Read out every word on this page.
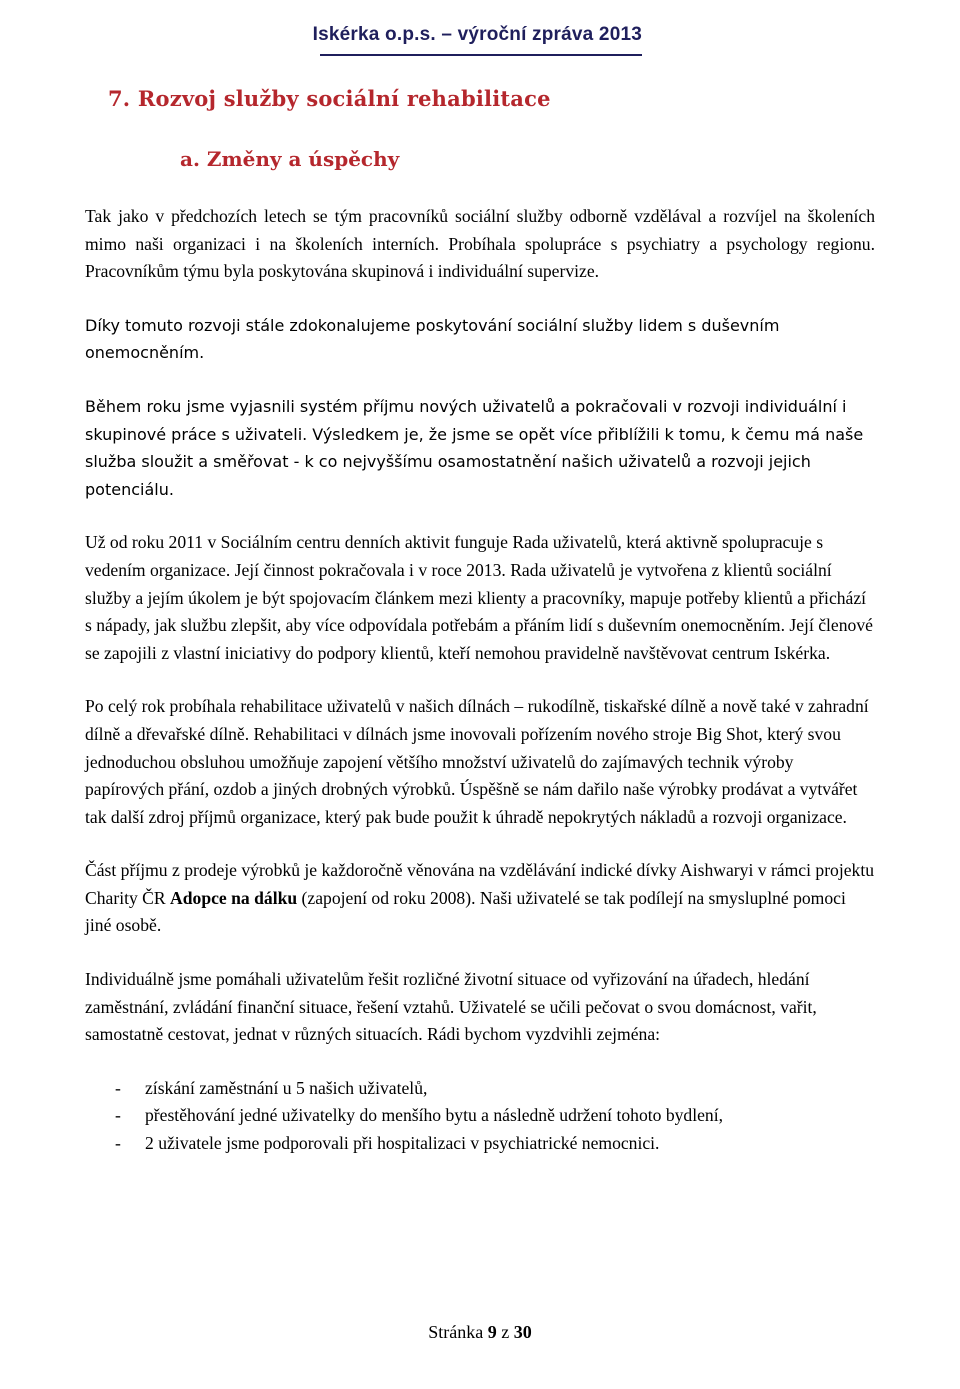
Iskérka o.p.s. – výroční zpráva 2013
7. Rozvoj služby sociální rehabilitace
a. Změny a úspěchy

Tak jako v předchozích letech se tým pracovníků sociální služby odborně vzdělával a rozvíjel na školeních mimo naši organizaci i na školeních interních. Probíhala spolupráce s psychiatry a psychology regionu. Pracovníkům týmu byla poskytována skupinová i individuální supervize.

Díky tomuto rozvoji stále zdokonalujeme poskytování sociální služby lidem s duševním onemocněním.

Během roku jsme vyjasnili systém příjmu nových uživatelů a pokračovali v rozvoji individuální i skupinové práce s uživateli. Výsledkem je, že jsme se opět více přiblížili k tomu, k čemu má naše služba sloužit a směřovat - k co nejvyššímu osamostatnění našich uživatelů a rozvoji jejich potenciálu.

Už od roku 2011 v Sociálním centru denních aktivit funguje Rada uživatelů, která aktivně spolupracuje s vedením organizace. Její činnost pokračovala i v roce 2013. Rada uživatelů je vytvořena z klientů sociální služby a jejím úkolem je být spojovacím článkem mezi klienty a pracovníky, mapuje potřeby klientů a přichází s nápady, jak službu zlepšit, aby více odpovídala potřebám a přáním lidí s duševním onemocněním. Její členové se zapojili z vlastní iniciativy do podpory klientů, kteří nemohou pravidelně navštěvovat centrum Iskérka.

Po celý rok probíhala rehabilitace uživatelů v našich dílnách – rukodílně, tiskařské dílně a nově také v zahradní dílně a dřevařské dílně. Rehabilitaci v dílnách jsme inovovali pořízením nového stroje Big Shot, který svou jednoduchou obsluhou umožňuje zapojení většího množství uživatelů do zajímavých technik výroby papírových přání, ozdob a jiných drobných výrobků. Úspěšně se nám dařilo naše výrobky prodávat a vytvářet tak další zdroj příjmů organizace, který pak bude použit k úhradě nepokrytých nákladů a rozvoji organizace.

Část příjmu z prodeje výrobků je každoročně věnována na vzdělávání indické dívky Aishwaryi v rámci projektu Charity ČR Adopce na dálku (zapojení od roku 2008). Naši uživatelé se tak podílejí na smysluplné pomoci jiné osobě.

Individuálně jsme pomáhali uživatelům řešit rozličné životní situace od vyřizování na úřadech, hledání zaměstnání, zvládání finanční situace, řešení vztahů. Uživatelé se učili pečovat o svou domácnost, vařit, samostatně cestovat, jednat v různých situacích. Rádi bychom vyzdvihli zejména:

- získání zaměstnání u 5 našich uživatelů,
- přestěhování jedné uživatelky do menšího bytu a následně udržení tohoto bydlení,
- 2 uživatele jsme podporovali při hospitalizaci v psychiatrické nemocnici.
Stránka 9 z 30
